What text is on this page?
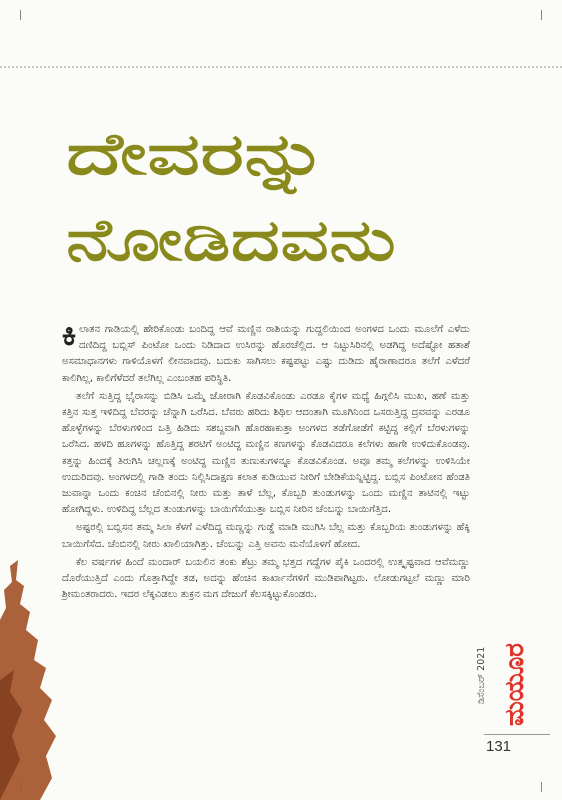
ದೇವರನ್ನು
ನೋಡಿದವನು

ಕಿಲಾತನ ಗಾಡಿಯಲ್ಲಿ ಹೇರಿಕೊಂಡು ಬಂದಿದ್ದ ಆವೆ ಮಣ್ಣಿನ ರಾಶಿಯನ್ನು ಗುದ್ದಲಿಯಿಂದ ಅಂಗಳದ ಒಂದು ಮೂಲೆಗೆ ಎಳೆದು ದಣಿದಿದ್ದ ಬಬ್ಲಿಸ್ ಪಿಂಟೋ ಒಂದು ನಿಡಿದಾದ ಉಸಿರನ್ನು ಹೊರಚೆಲ್ಲಿದ. ಆ ನಿಟ್ಟುಸಿರಿನಲ್ಲಿ ಅಡಗಿದ್ದ ಅದೆಷ್ಟೋ ಹತಾಶೆ ಅಸಮಾಧಾನಗಳು ಗಾಳಿಯೊಳಗೆ ಲೀನವಾದವು. ಬದುಕು ಸಾಗಿಸಲು ಕಷ್ಟಪಟ್ಟು ಎಷ್ಟು ದುಡಿದು ಹೈರಾಣಾದರೂ ತಲೆಗೆ ಎಳೆದರೆ ಕಾಲಿಗಿಲ್ಲ, ಕಾಲಿಗೆಳೆದರೆ ತಲೆಗಿಲ್ಲ ಎಂಬಂತಹ ಪರಿಸ್ಥಿತಿ.

ತಲೆಗೆ ಸುತ್ತಿದ್ದ ಭೈರಾಸನ್ನು ಬಿಡಿಸಿ ಒಮ್ಮೆ ಜೋರಾಗಿ ಕೊಡವಿಕೊಂಡು ಎರಡೂ ಕೈಗಳ ಮಧ್ಯೆ ಹಿಗ್ಗಲಿಸಿ ಮುಖ, ಹಣೆ ಮತ್ತು ಕತ್ತಿನ ಸುತ್ತ ಇಳಿದಿದ್ದ ಬೆವರನ್ನು ಚೆನ್ನಾಗಿ ಒರೆಸಿದ. ಬೆವರು ಹರಿದು ಶಿಥಿಲ ಆದಂತಾಗಿ ಮೂಗಿನಿಂದ ಒಸರುತ್ತಿದ್ದ ದ್ರವವನ್ನು ಎರಡೂ ಹೊಳ್ಳೆಗಳನ್ನು ಬೆರಳುಗಳಿಂದ ಒತ್ತಿ ಹಿಡಿದು ಸಶಬ್ದವಾಗಿ ಹೊರಹಾಕುತ್ತಾ ಅಂಗಳದ ತಡೆಗೋಡೆಗೆ ಕಟ್ಟಿದ್ದ ಕಲ್ಲಿಗೆ ಬೆರಳುಗಳನ್ನು ಒರೆಸಿದ. ಹಳದಿ ಹೂಗಳನ್ನು ಹೊತ್ತಿದ್ದ ಶರಟಿಗೆ ಅಂಟಿದ್ದ ಮಣ್ಣಿನ ಕಣಗಳನ್ನು ಕೊಡವಿದರೂ ಕಲೆಗಳು ಹಾಗೇ ಉಳಿದುಕೊಂಡವು. ಕತ್ತನ್ನು ಹಿಂದಕ್ಕೆ ತಿರುಗಿಸಿ ಚಲ್ಲಣಕ್ಕೆ ಅಂಟಿದ್ದ ಮಣ್ಣಿನ ತುಣುಕುಗಳನ್ನೂ ಕೊಡವಿಕೊಂಡ. ಅವೂ ತಮ್ಮ ಕಲೆಗಳನ್ನು ಉಳಿಸಿಯೇ ಉದುರಿದವು. ಅಂಗಳದಲ್ಲಿ ಗಾಡಿ ತಂದು ನಿಲ್ಲಿಸಿದಾಕ್ಷಣ ಕಲಾತ ಕುಡಿಯುವ ನೀರಿಗೆ ಬೇಡಿಕೆಯನ್ನಿಟ್ಟಿದ್ದ. ಬಬ್ಲಿಸ ಪಿಂಟೋನ ಹೆಂಡತಿ ಜುವಾನ್ನಾ ಒಂದು ಕಂಚಿನ ಚೆಂಬಿನಲ್ಲಿ ನೀರು ಮತ್ತು ತಾಳೆ ಬೆಲ್ಲ, ಕೊಬ್ಬರಿ ತುಂಡುಗಳನ್ನು ಒಂದು ಮಣ್ಣಿನ ತಾಟಿನಲ್ಲಿ ಇಟ್ಟು ಹೋಗಿದ್ದಳು. ಉಳಿದಿದ್ದ ಬೆಲ್ಲದ ತುಂಡುಗಳನ್ನು ಬಾಯಿಗೆಸೆಯುತ್ತಾ ಬಬ್ಲಿಸ ನೀರಿನ ಚೆಂಬನ್ನು ಬಾಯಿಗೆತ್ತಿದ.

ಅಷ್ಟರಲ್ಲಿ ಬಬ್ಲಿಸನ ತಮ್ಮ ಸಿಲಾ ಕೆಳಗೆ ಎಳೆದಿದ್ದ ಮಣ್ಣನ್ನು ಗುಡ್ಡೆ ಮಾಡಿ ಮುಗಿಸಿ ಬೆಲ್ಲ ಮತ್ತು ಕೊಬ್ಬರಿಯ ತುಂಡುಗಳನ್ನು ಹೆಕ್ಕಿ ಬಾಯಿಗೆಸೆದ. ಚೆಂಬಿನಲ್ಲಿ ನೀರು ಖಾಲಿಯಾಗಿತ್ತು. ಚೆಂಬನ್ನು ಎತ್ತಿ ಅವನು ಮನೆಯೊಳಗೆ ಹೋದ.

ಕೆಲ ವರ್ಷಗಳ ಹಿಂದೆ ಮಂದಾರ್ ಬಯಲಿನ ತಂಕು ಶೆಟ್ರು ತಮ್ಮ ಭತ್ತದ ಗದ್ದೆಗಳ ಪೈಕಿ ಒಂದರಲ್ಲಿ ಉತ್ಕೃಷ್ಟವಾದ ಆವೆಮಣ್ಣು ದೊರೆಯುತ್ತಿದೆ ಎಂದು ಗೊತ್ತಾಗಿದ್ದೇ ತಡ, ಅದನ್ನು ಹೆಂಚಿನ ಕಾರ್ಖಾನೆಗಳಿಗೆ ಮುಡಿಪಾಗಿಟ್ಟರು. ಲೋಡುಗಟ್ಟಲೆ ಮಣ್ಣು ಮಾರಿ ಶ್ರೀಮಂತರಾದರು. ಇದರ ಲೆಕ್ಕವಿಡಲು ತುಕ್ರನ ಮಗ ದೇಜುಗೆ ಕೆಲಸಕ್ಕಿಟ್ಟುಕೊಂಡರು.

ಡಿಸೆಂಬರ್ 2021 ಮಯೂರ
131
